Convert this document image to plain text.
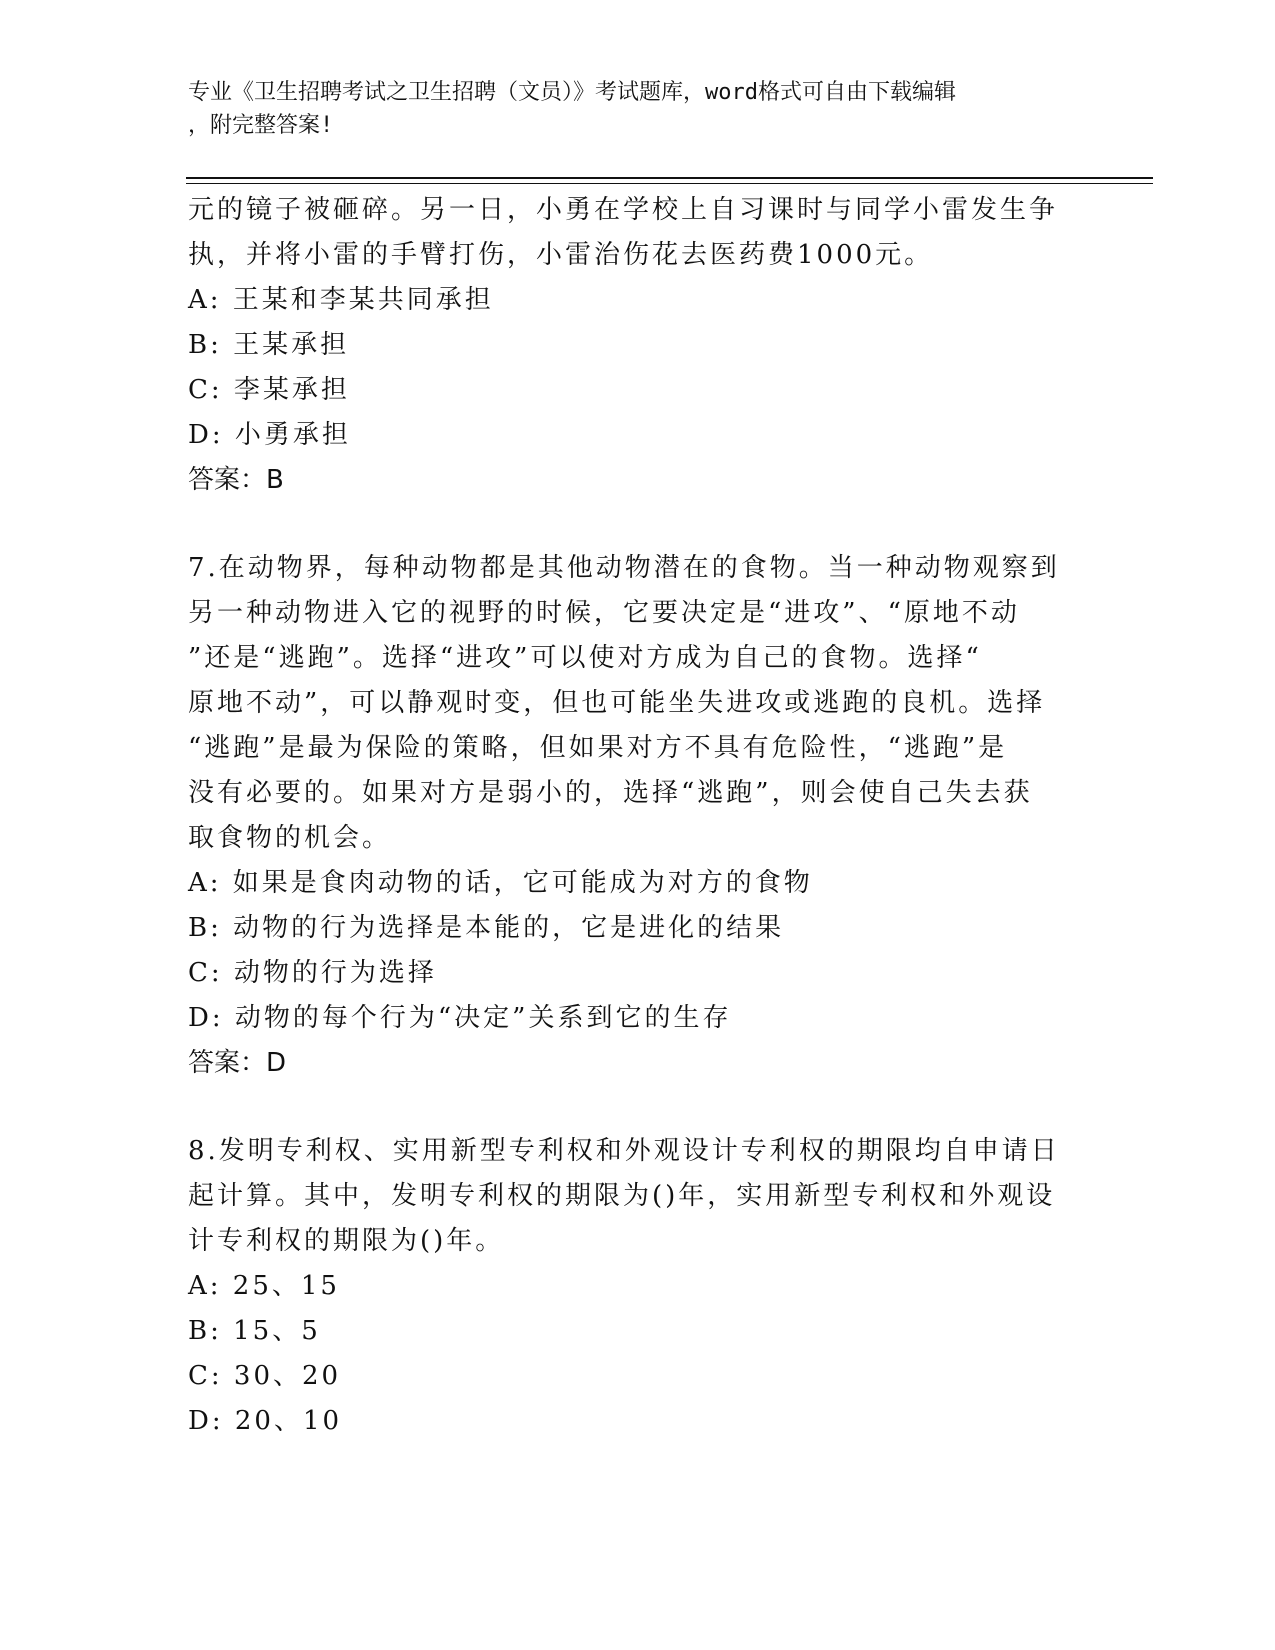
专业《卫生招聘考试之卫生招聘（文员）》考试题库，word格式可自由下载编辑
，附完整答案!

元的镜子被砸碎。另一日，小勇在学校上自习课时与同学小雷发生争

执，并将小雷的手臂打伤，小雷治伤花去医药费1000元。

A: 王某和李某共同承担

B: 王某承担

C: 李某承担

D: 小勇承担

答案：B

7.在动物界，每种动物都是其他动物潜在的食物。当一种动物观察到

另一种动物进入它的视野的时候，它要决定是“进攻”、“原地不动

”还是“逃跑”。选择“进攻”可以使对方成为自己的食物。选择“

原地不动”，可以静观时变，但也可能坐失进攻或逃跑的良机。选择

“逃跑”是最为保险的策略，但如果对方不具有危险性，“逃跑”是

没有必要的。如果对方是弱小的，选择“逃跑”，则会使自己失去获

取食物的机会。

A: 如果是食肉动物的话，它可能成为对方的食物

B: 动物的行为选择是本能的，它是进化的结果

C: 动物的行为选择

D: 动物的每个行为“决定”关系到它的生存

答案：D

8.发明专利权、实用新型专利权和外观设计专利权的期限均自申请日

起计算。其中，发明专利权的期限为()年，实用新型专利权和外观设

计专利权的期限为()年。

A: 25、15

B: 15、5

C: 30、20

D: 20、10
